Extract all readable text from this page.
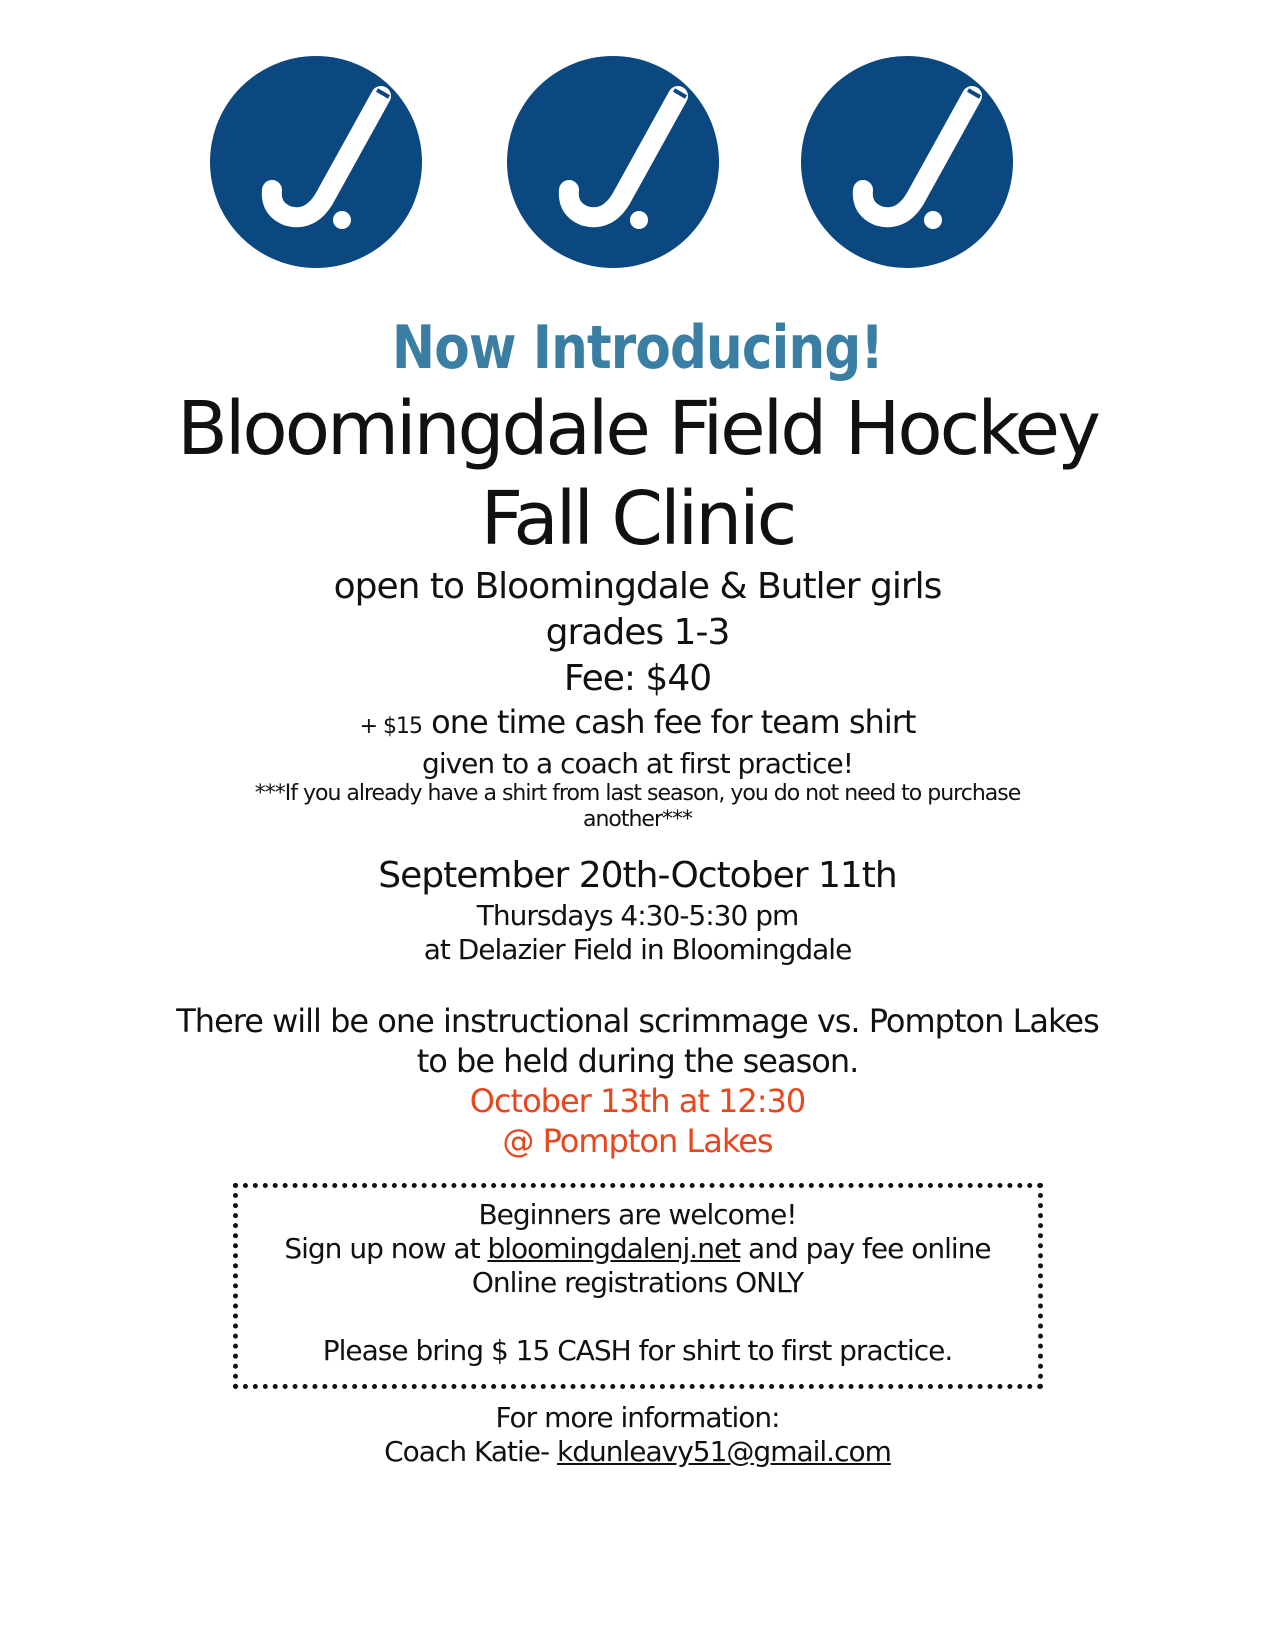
Now Introducing!
Bloomingdale Field Hockey
Fall Clinic
open to Bloomingdale & Butler girls
grades 1-3
Fee: $40
+ $15 one time cash fee for team shirt
given to a coach at first practice!
***If you already have a shirt from last season, you do not need to purchase
another***
September 20th-October 11th
Thursdays 4:30-5:30 pm
at Delazier Field in Bloomingdale
There will be one instructional scrimmage vs. Pompton Lakes
to be held during the season.
October 13th at 12:30
@ Pompton Lakes
Beginners are welcome!
Sign up now at bloomingdalenj.net and pay fee online
Online registrations ONLY
Please bring $ 15 CASH for shirt to first practice.
For more information:
Coach Katie- kdunleavy51@gmail.com
